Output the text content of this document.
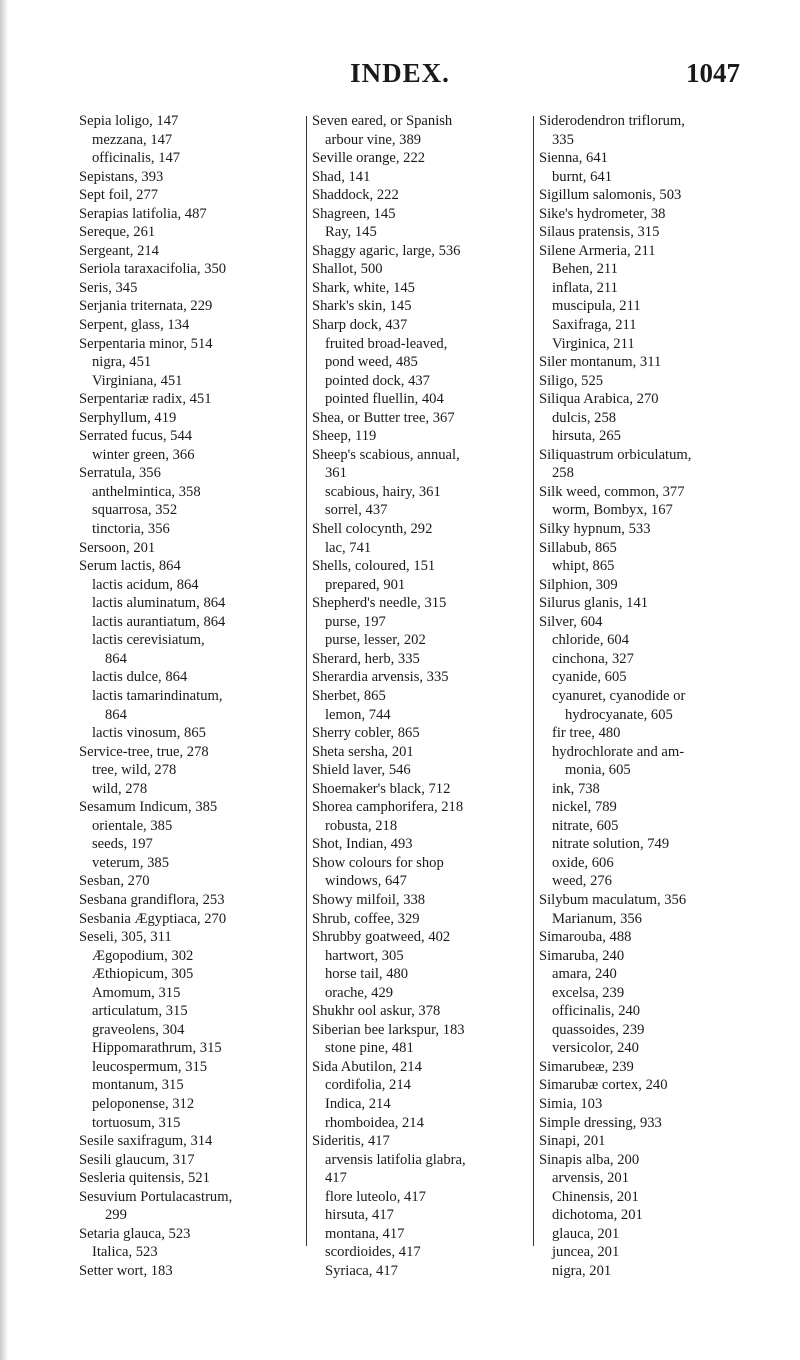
INDEX.	1047
Sepia loligo, 147
mezzana, 147
officinalis, 147
Sepistans, 393
Sept foil, 277
Serapias latifolia, 487
Sereque, 261
Sergeant, 214
Seriola taraxacifolia, 350
Seris, 345
Serjania triternata, 229
Serpent, glass, 134
Serpentaria minor, 514
nigra, 451
Virginiana, 451
Serpentariæ radix, 451
Serphyllum, 419
Serrated fucus, 544
winter green, 366
Serratula, 356
anthelmintica, 358
squarrosa, 352
tinctoria, 356
Sersoon, 201
Serum lactis, 864
lactis acidum, 864
lactis aluminatum, 864
lactis aurantiatum, 864
lactis cerevisiatum,
864
lactis dulce, 864
lactis tamarindinatum,
864
lactis vinosum, 865
Service-tree, true, 278
tree, wild, 278
wild, 278
Sesamum Indicum, 385
orientale, 385
seeds, 197
veterum, 385
Sesban, 270
Sesbana grandiflora, 253
Sesbania Ægyptiaca, 270
Seseli, 305, 311
Ægopodium, 302
Æthiopicum, 305
Amomum, 315
articulatum, 315
graveolens, 304
Hippomarathrum, 315
leucospermum, 315
montanum, 315
peloponense, 312
tortuosum, 315
Sesile saxifragum, 314
Sesili glaucum, 317
Sesleria quitensis, 521
Sesuvium Portulacastrum,
299
Setaria glauca, 523
Italica, 523
Setter wort, 183
Seven eared, or Spanish
arbour vine, 389
Seville orange, 222
Shad, 141
Shaddock, 222
Shagreen, 145
Ray, 145
Shaggy agaric, large, 536
Shallot, 500
Shark, white, 145
Shark's skin, 145
Sharp dock, 437
fruited broad-leaved,
pond weed, 485
pointed dock, 437
pointed fluellin, 404
Shea, or Butter tree, 367
Sheep, 119
Sheep's scabious, annual,
361
scabious, hairy, 361
sorrel, 437
Shell colocynth, 292
lac, 741
Shells, coloured, 151
prepared, 901
Shepherd's needle, 315
purse, 197
purse, lesser, 202
Sherard, herb, 335
Sherardia arvensis, 335
Sherbet, 865
lemon, 744
Sherry cobler, 865
Sheta sersha, 201
Shield laver, 546
Shoemaker's black, 712
Shorea camphorifera, 218
robusta, 218
Shot, Indian, 493
Show colours for shop
windows, 647
Showy milfoil, 338
Shrub, coffee, 329
Shrubby goatweed, 402
hartwort, 305
horse tail, 480
orache, 429
Shukhr ool askur, 378
Siberian bee larkspur, 183
stone pine, 481
Sida Abutilon, 214
cordifolia, 214
Indica, 214
rhomboidea, 214
Sideritis, 417
arvensis latifolia glabra,
417
flore luteolo, 417
hirsuta, 417
montana, 417
scordioides, 417
Syriaca, 417
Siderodendron triflorum,
335
Sienna, 641
burnt, 641
Sigillum salomonis, 503
Sike's hydrometer, 38
Silaus pratensis, 315
Silene Armeria, 211
Behen, 211
inflata, 211
muscipula, 211
Saxifraga, 211
Virginica, 211
Siler montanum, 311
Siligo, 525
Siliqua Arabica, 270
dulcis, 258
hirsuta, 265
Siliquastrum orbiculatum,
258
Silk weed, common, 377
worm, Bombyx, 167
Silky hypnum, 533
Sillabub, 865
whipt, 865
Silphion, 309
Silurus glanis, 141
Silver, 604
chloride, 604
cinchona, 327
cyanide, 605
cyanuret, cyanodide or
hydrocyanate, 605
fir tree, 480
hydrochlorate and am-
monia, 605
ink, 738
nickel, 789
nitrate, 605
nitrate solution, 749
oxide, 606
weed, 276
Silybum maculatum, 356
Marianum, 356
Simarouba, 488
Simaruba, 240
amara, 240
excelsa, 239
officinalis, 240
quassoides, 239
versicolor, 240
Simarubeæ, 239
Simarubæ cortex, 240
Simia, 103
Simple dressing, 933
Sinapi, 201
Sinapis alba, 200
arvensis, 201
Chinensis, 201
dichotoma, 201
glauca, 201
juncea, 201
nigra, 201
